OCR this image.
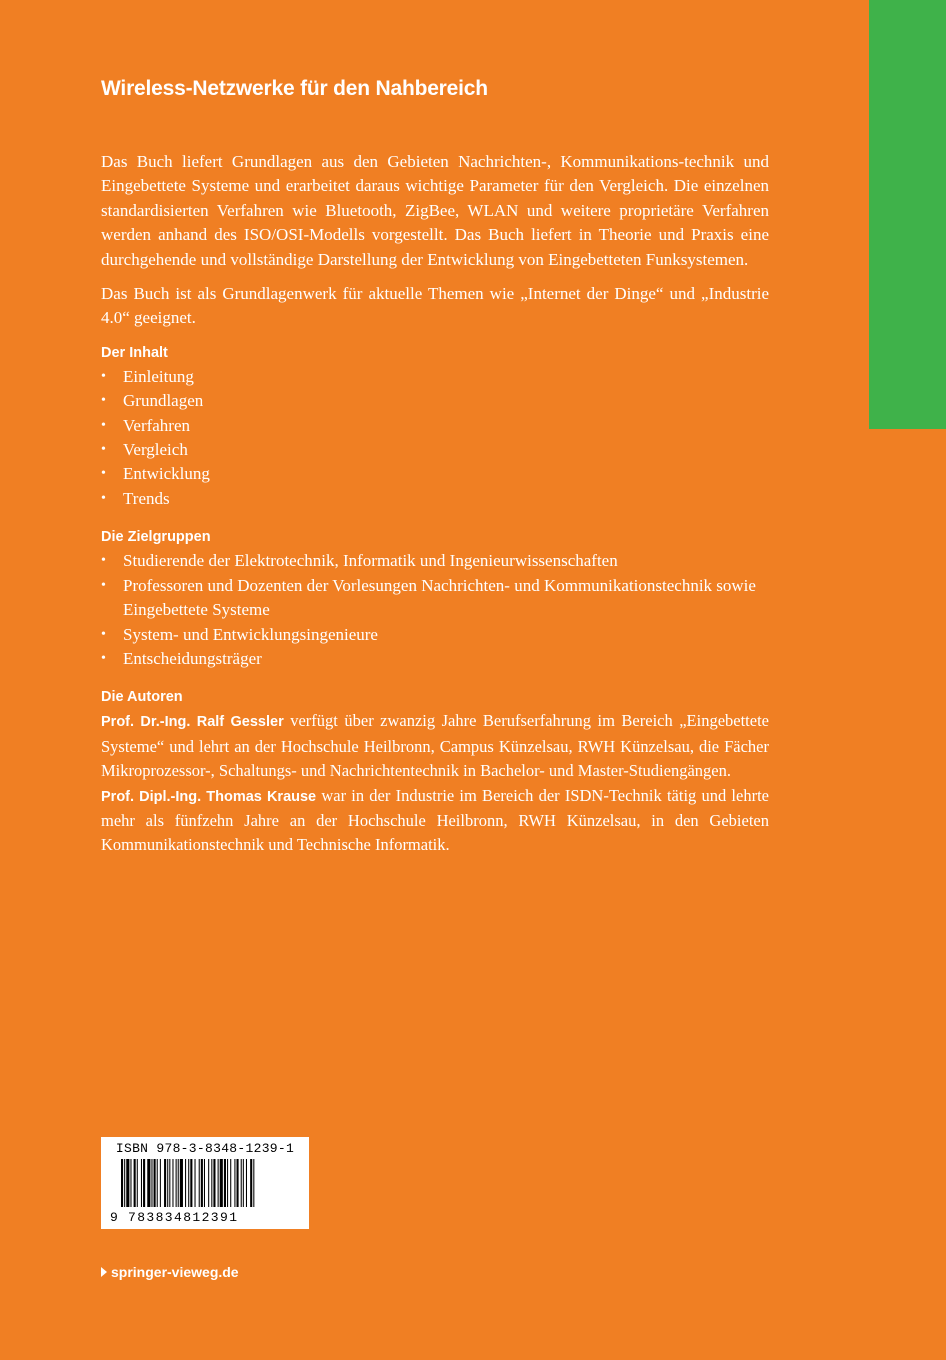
Wireless-Netzwerke für den Nahbereich

Das Buch liefert Grundlagen aus den Gebieten Nachrichten-, Kommunikations-technik und Eingebettete Systeme und erarbeitet daraus wichtige Parameter für den Vergleich. Die einzelnen standardisierten Verfahren wie Bluetooth, ZigBee, WLAN und weitere proprietäre Verfahren werden anhand des ISO/OSI-Modells vorgestellt. Das Buch liefert in Theorie und Praxis eine durchgehende und vollständige Darstellung der Entwicklung von Eingebetteten Funksystemen.

Das Buch ist als Grundlagenwerk für aktuelle Themen wie „Internet der Dinge“ und „Industrie 4.0“ geeignet.

Der Inhalt
• Einleitung
• Grundlagen
• Verfahren
• Vergleich
• Entwicklung
• Trends
Die Zielgruppen
• Studierende der Elektrotechnik, Informatik und Ingenieurwissenschaften
• Professoren und Dozenten der Vorlesungen Nachrichten- und Kommunikationstechnik sowie Eingebettete Systeme
• System- und Entwicklungsingenieure
• Entscheidungsträger
Die Autoren

Prof. Dr.-Ing. Ralf Gessler verfügt über zwanzig Jahre Berufserfahrung im Bereich „Eingebettete Systeme“ und lehrt an der Hochschule Heilbronn, Campus Künzelsau, RWH Künzelsau, die Fächer Mikroprozessor-, Schaltungs- und Nachrichtentechnik in Bachelor- und Master-Studiengängen.

Prof. Dipl.-Ing. Thomas Krause war in der Industrie im Bereich der ISDN-Technik tätig und lehrte mehr als fünfzehn Jahre an der Hochschule Heilbronn, RWH Künzelsau, in den Gebieten Kommunikationstechnik und Technische Informatik.

ISBN 978-3-8348-1239-1
9 783834812391
springer-vieweg.de
